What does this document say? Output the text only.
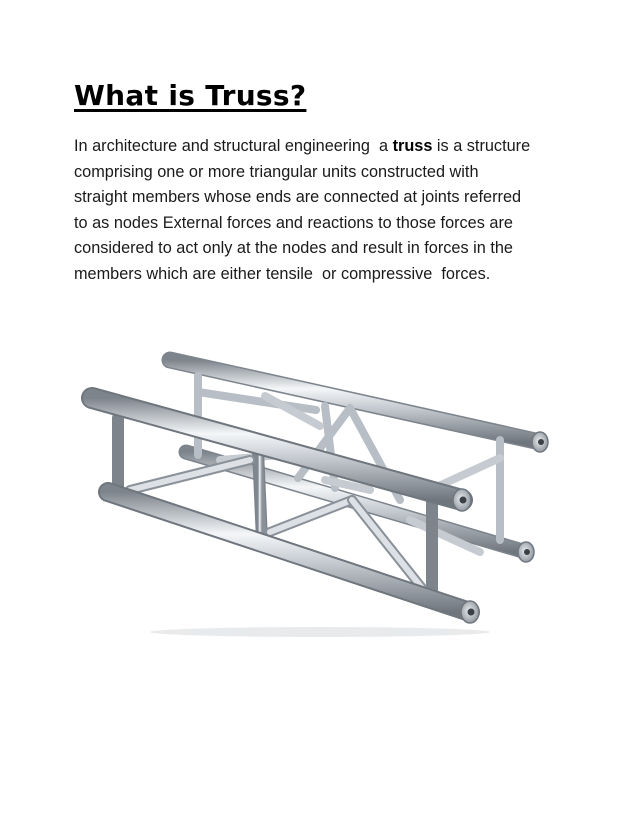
What is Truss?

In architecture and structural engineering  a truss is a structure
comprising one or more triangular units constructed with
straight members whose ends are connected at joints referred
to as nodes External forces and reactions to those forces are
considered to act only at the nodes and result in forces in the
members which are either tensile  or compressive  forces.
